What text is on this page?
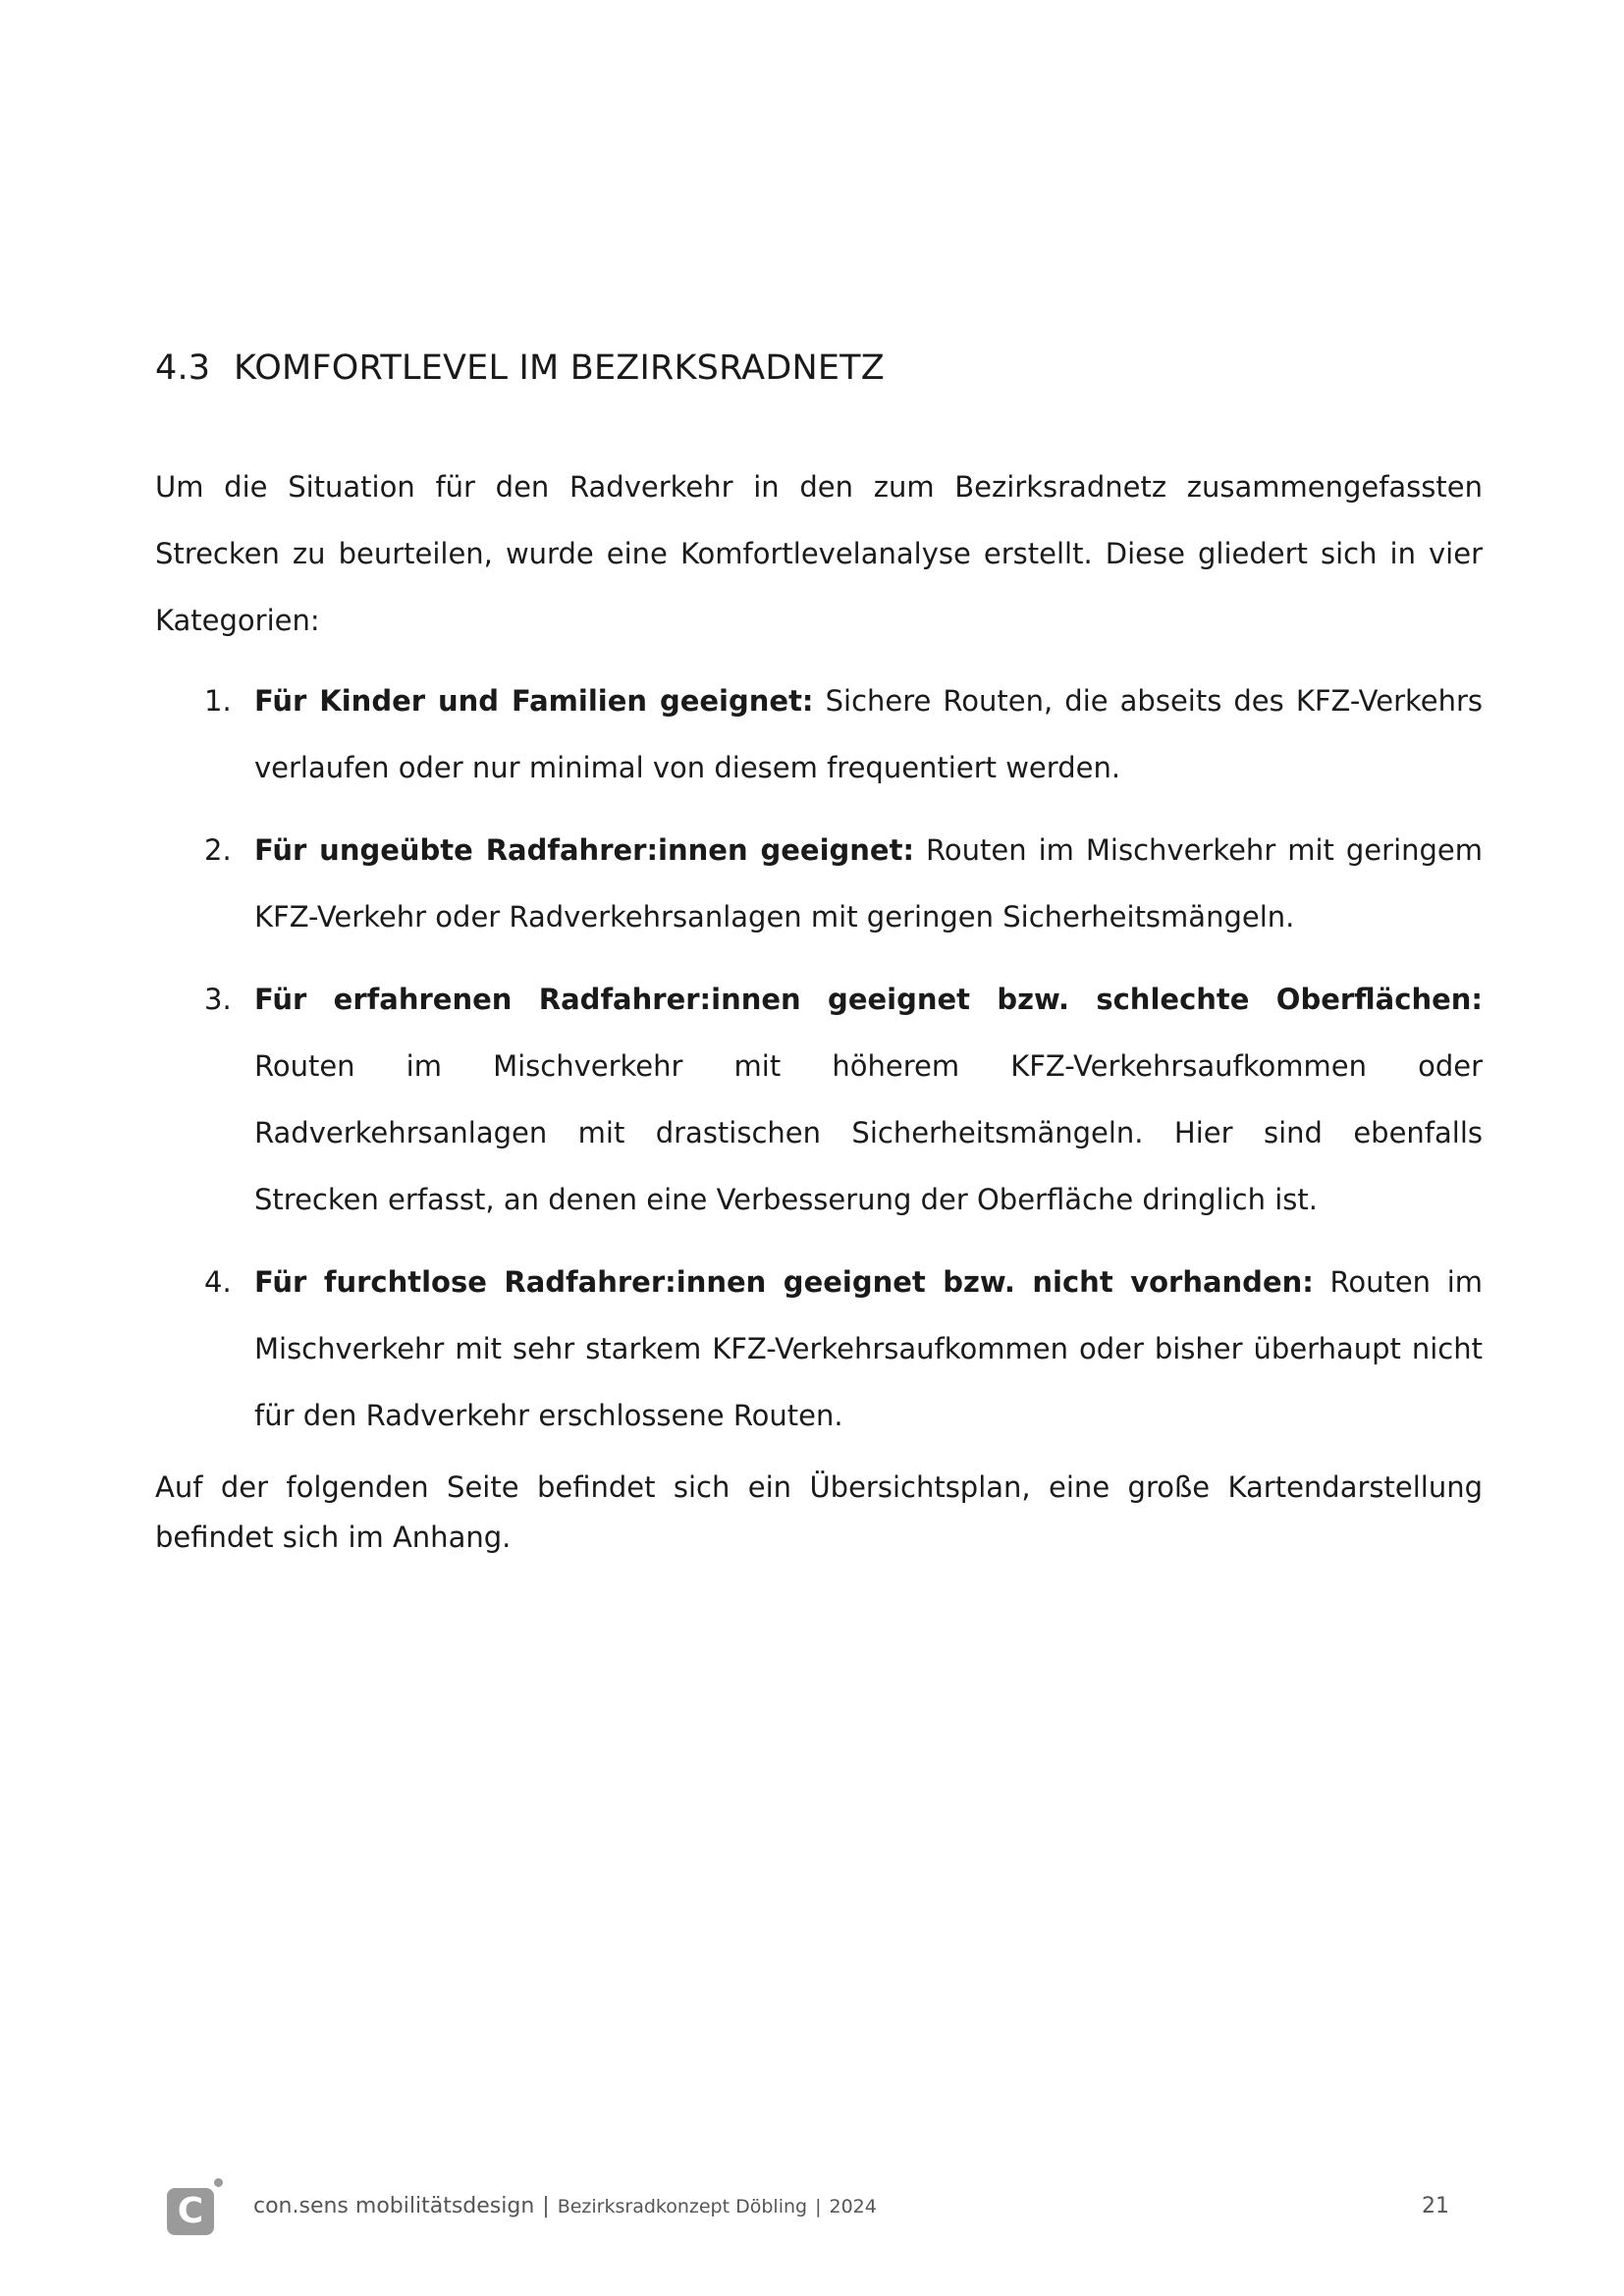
4.3 KOMFORTLEVEL IM BEZIRKSRADNETZ

Um die Situation für den Radverkehr in den zum Bezirksradnetz zusammengefassten Strecken zu beurteilen, wurde eine Komfortlevelanalyse erstellt. Diese gliedert sich in vier Kategorien:

1. Für Kinder und Familien geeignet: Sichere Routen, die abseits des KFZ-Verkehrs verlaufen oder nur minimal von diesem frequentiert werden.
2. Für ungeübte Radfahrer:innen geeignet: Routen im Mischverkehr mit geringem KFZ-Verkehr oder Radverkehrsanlagen mit geringen Sicherheitsmängeln.
3. Für erfahrenen Radfahrer:innen geeignet bzw. schlechte Oberflächen: Routen im Mischverkehr mit höherem KFZ-Verkehrsaufkommen oder Radverkehrsanlagen mit drastischen Sicherheitsmängeln. Hier sind ebenfalls Strecken erfasst, an denen eine Verbesserung der Oberfläche dringlich ist.
4. Für furchtlose Radfahrer:innen geeignet bzw. nicht vorhanden: Routen im Mischverkehr mit sehr starkem KFZ-Verkehrsaufkommen oder bisher überhaupt nicht für den Radverkehr erschlossene Routen.

Auf der folgenden Seite befindet sich ein Übersichtsplan, eine große Kartendarstellung befindet sich im Anhang.

C	con.sens mobilitätsdesign | Bezirksradkonzept Döbling | 2024	21
